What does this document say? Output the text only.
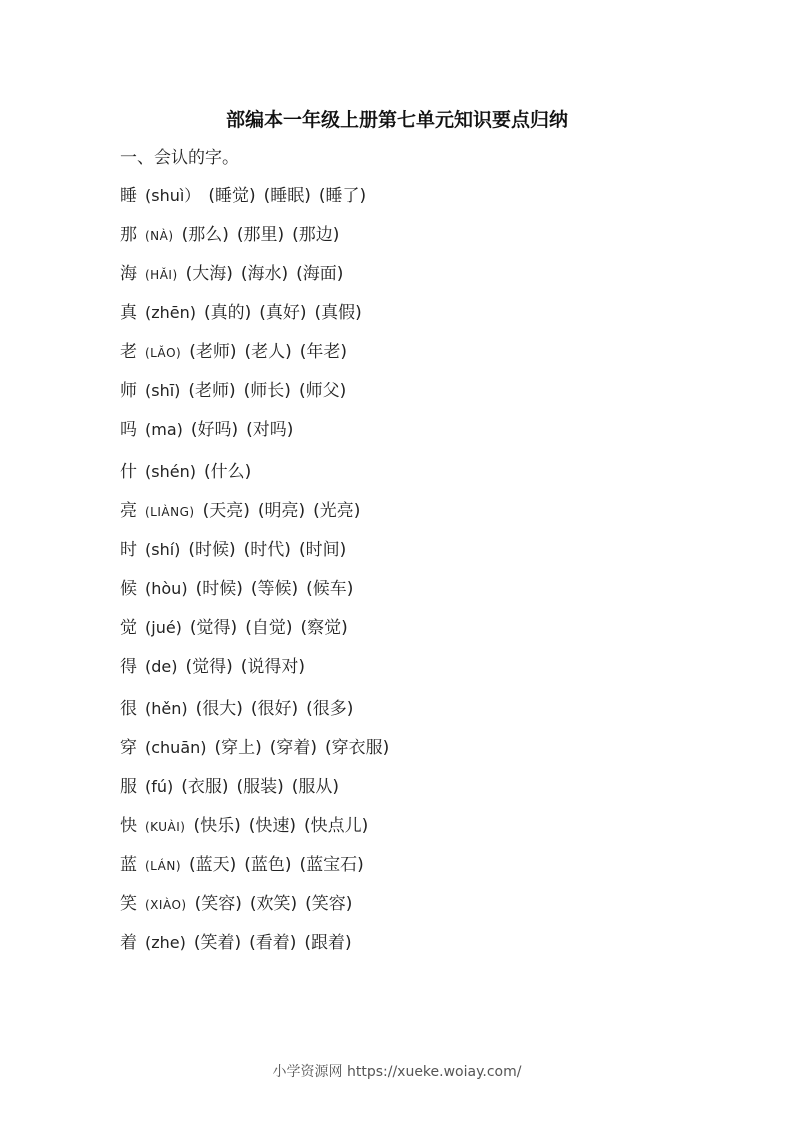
部编本一年级上册第七单元知识要点归纳

一、会认的字。

睡 (shuì） (睡觉) (睡眠) (睡了)
那 (NÀ) (那么) (那里) (那边)
海 (HǍI) (大海) (海水) (海面)
真 (zhēn) (真的) (真好) (真假)
老 (LǍO) (老师) (老人) (年老)
师 (shī) (老师) (师长) (师父)
吗 (ma) (好吗) (对吗)
什 (shén) (什么)
亮 (LIÀNG) (天亮) (明亮) (光亮)
时 (shí) (时候) (时代) (时间)
候 (hòu) (时候) (等候) (候车)
觉 (jué) (觉得) (自觉) (察觉)
得 (de) (觉得) (说得对)
很 (hěn) (很大) (很好) (很多)
穿 (chuān) (穿上) (穿着) (穿衣服)
服 (fú) (衣服) (服装) (服从)
快 (KUÀI) (快乐) (快速) (快点儿)
蓝 (LÁN) (蓝天) (蓝色) (蓝宝石)
笑 (XIÀO) (笑容) (欢笑) (笑容)
着 (zhe) (笑着) (看着) (跟着)
小学资源网 https://xueke.woiay.com/
